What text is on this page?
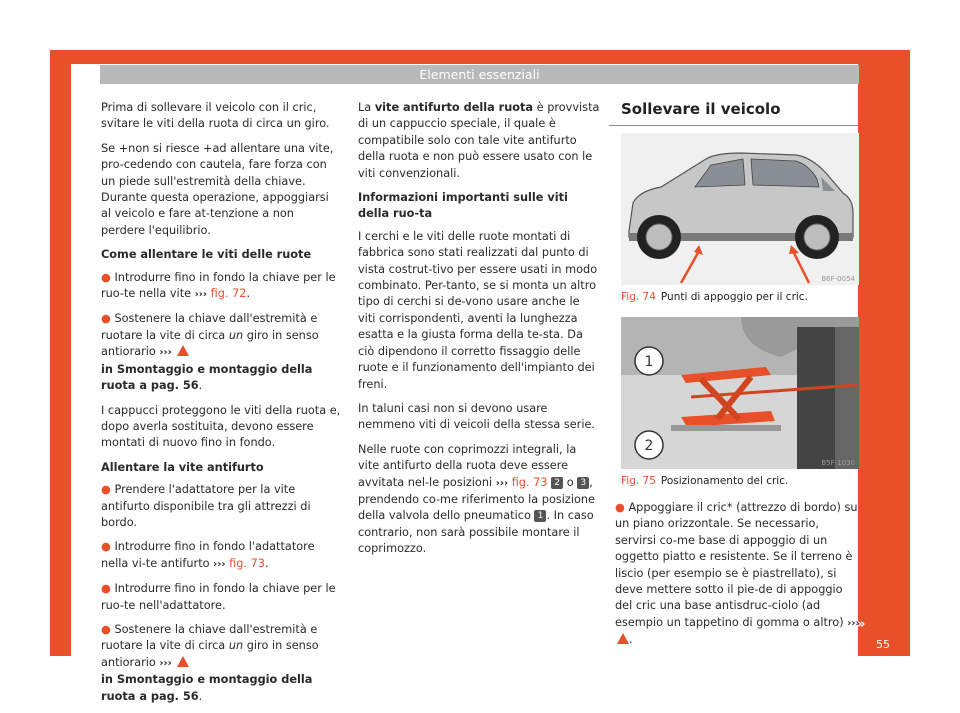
Elementi essenziali

Prima di sollevare il veicolo con il cric, svitare le viti della ruota di circa un giro.

Se +non si riesce +ad allentare una vite, pro-cedendo con cautela, fare forza con un piede sull'estremità della chiave. Durante questa operazione, appoggiarsi al veicolo e fare at-tenzione a non perdere l'equilibrio.

Come allentare le viti delle ruote

● Introdurre fino in fondo la chiave per le ruo-te nella vite ››› fig. 72.

● Sostenere la chiave dall'estremità e ruotare la vite di circa un giro in senso antiorario ›››
in Smontaggio e montaggio della ruota a pag. 56.

I cappucci proteggono le viti della ruota e, dopo averla sostituita, devono essere montati di nuovo fino in fondo.

Allentare la vite antifurto

● Prendere l'adattatore per la vite antifurto disponibile tra gli attrezzi di bordo.

● Introdurre fino in fondo l'adattatore nella vi-te antifurto ››› fig. 73.

● Introdurre fino in fondo la chiave per le ruo-te nell'adattatore.

● Sostenere la chiave dall'estremità e ruotare la vite di circa un giro in senso antiorario ›››
in Smontaggio e montaggio della ruota a pag. 56.

La vite antifurto della ruota è provvista di un cappuccio speciale, il quale è compatibile solo con tale vite antifurto della ruota e non può essere usato con le viti convenzionali.

Informazioni importanti sulle viti della ruo-ta

I cerchi e le viti delle ruote montati di fabbrica sono stati realizzati dal punto di vista costrut-tivo per essere usati in modo combinato. Per-tanto, se si monta un altro tipo di cerchi si de-vono usare anche le viti corrispondenti, aventi la lunghezza esatta e la giusta forma della te-sta. Da ciò dipendono il corretto fissaggio delle ruote e il funzionamento dell'impianto dei freni.

In taluni casi non si devono usare nemmeno viti di veicoli della stessa serie.

Nelle ruote con coprimozzi integrali, la vite antifurto della ruota deve essere avvitata nel-le posizioni ››› fig. 73 2 o 3 , prendendo co-me riferimento la posizione della valvola dello pneumatico 1 . In caso contrario, non sarà possibile montare il coprimozzo.

Sollevare il veicolo
B6F-0054
Fig. 74 Punti di appoggio per il cric.
1
2
B5F-1030
Fig. 75 Posizionamento del cric.

● Appoggiare il cric* (attrezzo di bordo) su un piano orizzontale. Se necessario, servirsi co-me base di appoggio di un oggetto piatto e resistente. Se il terreno è liscio (per esempio se è piastrellato), si deve mettere sotto il pie-de di appoggio del cric una base antisdruc-ciolo (ad esempio un tappetino di gomma o altro) ››› .

»
55
